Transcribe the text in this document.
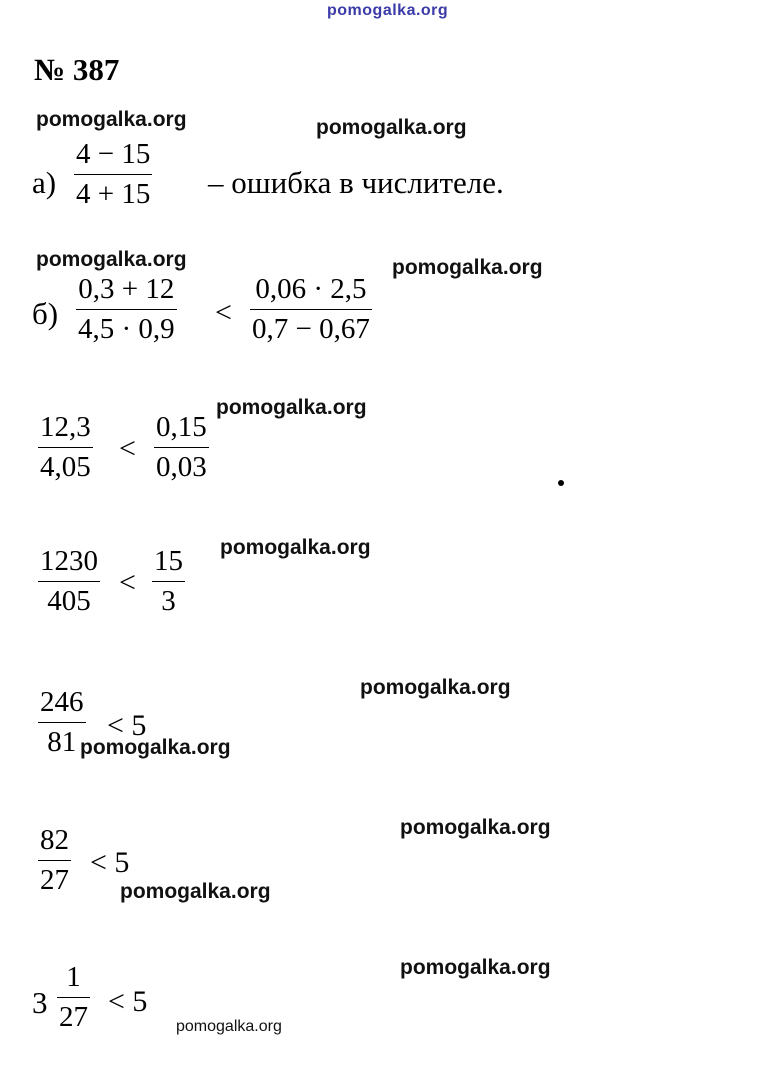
pomogalka.org
№ 387
а)
4 − 15
4 + 15 – ошибка в числителе.
б)
0,3 + 12
4,5 · 0,9 <
0,06 · 2,5
0,7 − 0,67
12,3
4,05
<
0,15
0,03
1230
405
<
15
3
246
81 < 5
82
27
< 5
3
1
27 < 5
pomogalka.org	pomogalka.org
pomogalka.org	pomogalka.org
pomogalka.org
pomogalka.org
pomogalka.org
pomogalka.org
pomogalka.org
pomogalka.org
pomogalka.org
pomogalka.org
